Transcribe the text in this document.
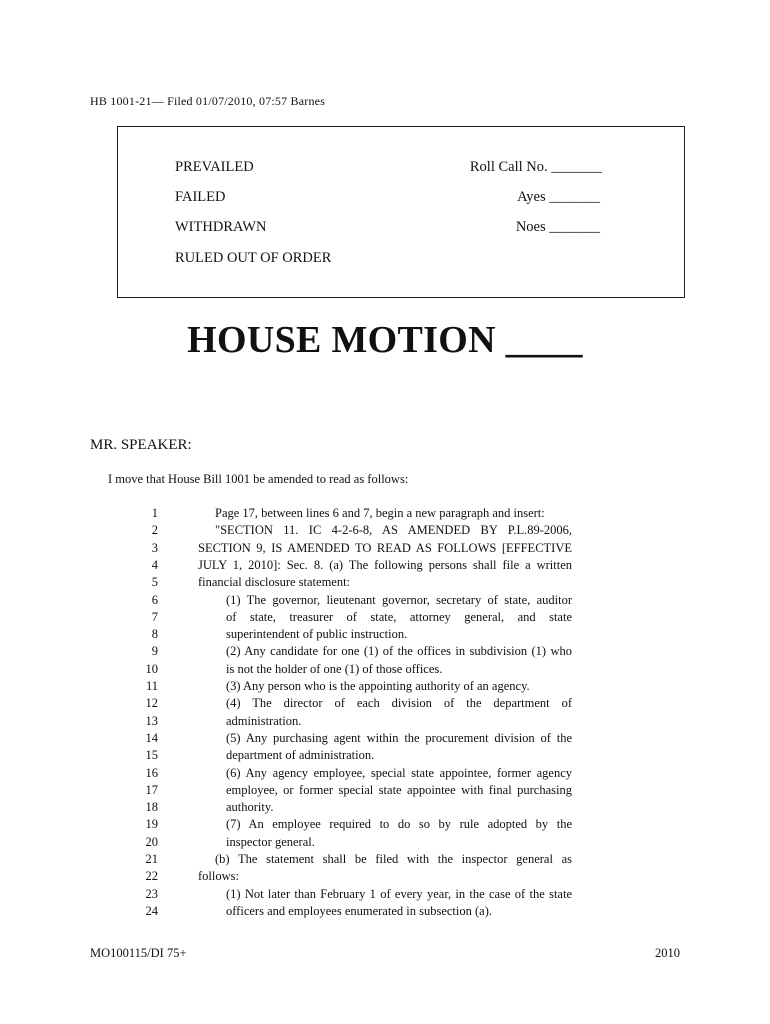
HB 1001-21— Filed 01/07/2010, 07:57 Barnes
PREVAILED
FAILED
WITHDRAWN
RULED OUT OF ORDER
Roll Call No. _______
Ayes _______
Noes _______
HOUSE MOTION ____
MR. SPEAKER:
I move that House Bill 1001 be amended to read as follows:
1	Page 17, between lines 6 and 7, begin a new paragraph and insert:
2	"SECTION 11. IC 4-2-6-8, AS AMENDED BY P.L.89-2006,
3	SECTION 9, IS AMENDED TO READ AS FOLLOWS [EFFECTIVE
4	JULY 1, 2010]: Sec. 8. (a) The following persons shall file a written
5	financial disclosure statement:
6	(1) The governor, lieutenant governor, secretary of state, auditor
7	of state, treasurer of state, attorney general, and state
8	superintendent of public instruction.
9	(2) Any candidate for one (1) of the offices in subdivision (1) who
10	is not the holder of one (1) of those offices.
11	(3) Any person who is the appointing authority of an agency.
12	(4) The director of each division of the department of
13	administration.
14	(5) Any purchasing agent within the procurement division of the
15	department of administration.
16	(6) Any agency employee, special state appointee, former agency
17	employee, or former special state appointee with final purchasing
18	authority.
19	(7) An employee required to do so by rule adopted by the
20	inspector general.
21	(b) The statement shall be filed with the inspector general as
22	follows:
23	(1) Not later than February 1 of every year, in the case of the state
24	officers and employees enumerated in subsection (a).
MO100115/DI 75+	2010
